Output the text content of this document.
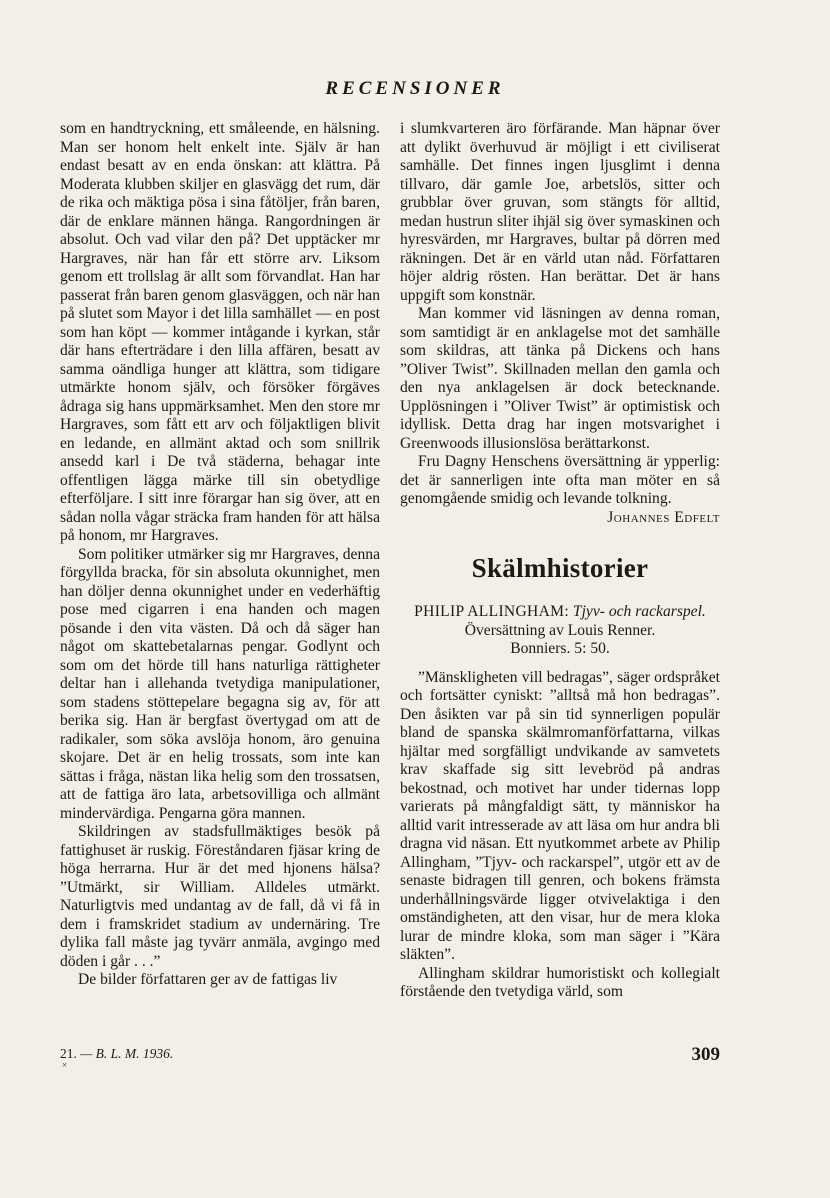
RECENSIONER

som en handtryckning, ett småleende, en hälsning. Man ser honom helt enkelt inte. Själv är han endast besatt av en enda önskan: att klättra. På Moderata klubben skiljer en glasvägg det rum, där de rika och mäktiga pösa i sina fåtöljer, från baren, där de enklare männen hänga. Rangordningen är absolut. Och vad vilar den på? Det upptäcker mr Hargraves, när han får ett större arv. Liksom genom ett trollslag är allt som förvandlat. Han har passerat från baren genom glasväggen, och när han på slutet som Mayor i det lilla samhället — en post som han köpt — kommer intågande i kyrkan, står där hans efterträdare i den lilla affären, besatt av samma oändliga hunger att klättra, som tidigare utmärkte honom själv, och försöker förgäves ådraga sig hans uppmärksamhet. Men den store mr Hargraves, som fått ett arv och följaktligen blivit en ledande, en allmänt aktad och som snillrik ansedd karl i De två städerna, behagar inte offentligen lägga märke till sin obetydlige efterföljare. I sitt inre förargar han sig över, att en sådan nolla vågar sträcka fram handen för att hälsa på honom, mr Hargraves.

Som politiker utmärker sig mr Hargraves, denna förgyllda bracka, för sin absoluta okunnighet, men han döljer denna okunnighet under en vederhäftig pose med cigarren i ena handen och magen pösande i den vita västen. Då och då säger han något om skattebetalarnas pengar. Godlynt och som om det hörde till hans naturliga rättigheter deltar han i allehanda tvetydiga manipulationer, som stadens stöttepelare begagna sig av, för att berika sig. Han är bergfast övertygad om att de radikaler, som söka avslöja honom, äro genuina skojare. Det är en helig trossats, som inte kan sättas i fråga, nästan lika helig som den trossatsen, att de fattiga äro lata, arbetsovilliga och allmänt mindervärdiga. Pengarna göra mannen.

Skildringen av stadsfullmäktiges besök på fattighuset är ruskig. Föreståndaren fjäsar kring de höga herrarna. Hur är det med hjonens hälsa? ”Utmärkt, sir William. Alldeles utmärkt. Naturligtvis med undantag av de fall, då vi få in dem i framskridet stadium av undernäring. Tre dylika fall måste jag tyvärr anmäla, avgingo med döden i går . . .”

De bilder författaren ger av de fattigas liv

i slumkvarteren äro förfärande. Man häpnar över att dylikt överhuvud är möjligt i ett civiliserat samhälle. Det finnes ingen ljusglimt i denna tillvaro, där gamle Joe, arbetslös, sitter och grubblar över gruvan, som stängts för alltid, medan hustrun sliter ihjäl sig över symaskinen och hyresvärden, mr Hargraves, bultar på dörren med räkningen. Det är en värld utan nåd. Författaren höjer aldrig rösten. Han berättar. Det är hans uppgift som konstnär.

Man kommer vid läsningen av denna roman, som samtidigt är en anklagelse mot det samhälle som skildras, att tänka på Dickens och hans ”Oliver Twist”. Skillnaden mellan den gamla och den nya anklagelsen är dock betecknande. Upplösningen i ”Oliver Twist” är optimistisk och idyllisk. Detta drag har ingen motsvarighet i Greenwoods illusionslösa berättarkonst.

Fru Dagny Henschens översättning är ypperlig: det är sannerligen inte ofta man möter en så genomgående smidig och levande tolkning.
Johannes Edfelt

Skälmhistorier
PHILIP ALLINGHAM: Tjyv- och rackarspel.
Översättning av Louis Renner.
Bonniers. 5: 50.

”Mänskligheten vill bedragas”, säger ordspråket och fortsätter cyniskt: ”alltså må hon bedragas”. Den åsikten var på sin tid synnerligen populär bland de spanska skälmromanförfattarna, vilkas hjältar med sorgfälligt undvikande av samvetets krav skaffade sig sitt levebröd på andras bekostnad, och motivet har under tidernas lopp varierats på mångfaldigt sätt, ty människor ha alltid varit intresserade av att läsa om hur andra bli dragna vid näsan. Ett nyutkommet arbete av Philip Allingham, ”Tjyv- och rackarspel”, utgör ett av de senaste bidragen till genren, och bokens främsta underhållningsvärde ligger otvivelaktiga i den omständigheten, att den visar, hur de mera kloka lurar de mindre kloka, som man säger i ”Kära släkten”.

Allingham skildrar humoristiskt och kollegialt förstående den tvetydiga värld, som

21. — B. L. M. 1936.
×	309
